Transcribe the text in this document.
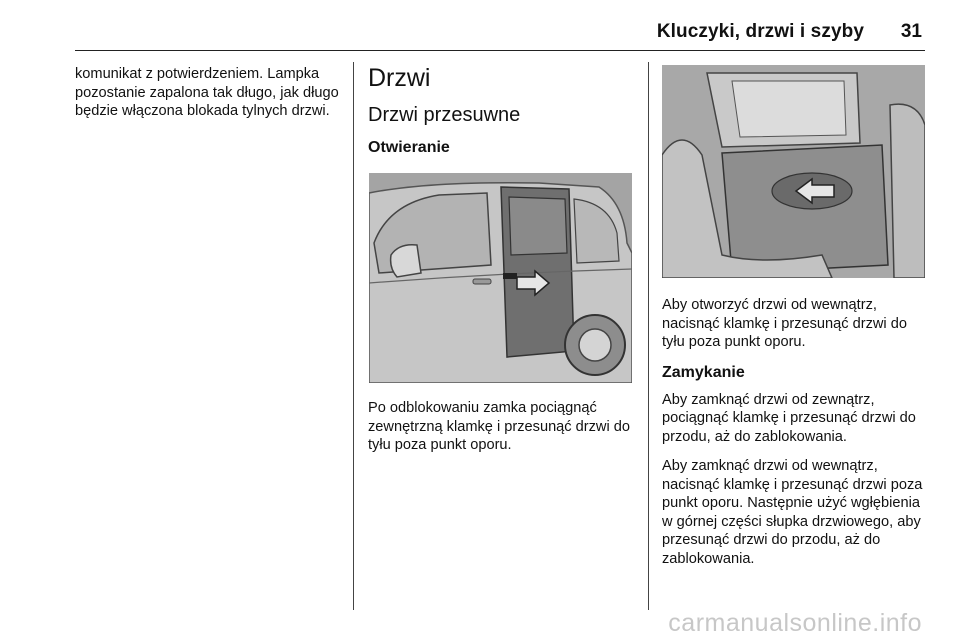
Kluczyki, drzwi i szyby 31

komunikat z potwierdzeniem. Lampka pozostanie zapalona tak długo, jak długo będzie włączona blokada tylnych drzwi.

Drzwi
Drzwi przesuwne
Otwieranie

Po odblokowaniu zamka pociągnąć zewnętrzną klamkę i przesunąć drzwi do tyłu poza punkt oporu.

Aby otworzyć drzwi od wewnątrz, nacisnąć klamkę i przesunąć drzwi do tyłu poza punkt oporu.

Zamykanie

Aby zamknąć drzwi od zewnątrz, pociągnąć klamkę i przesunąć drzwi do przodu, aż do zablokowania.

Aby zamknąć drzwi od wewnątrz, nacisnąć klamkę i przesunąć drzwi poza punkt oporu. Następnie użyć wgłębienia w górnej części słupka drzwiowego, aby przesunąć drzwi do przodu, aż do zablokowania.

carmanualsonline.info
